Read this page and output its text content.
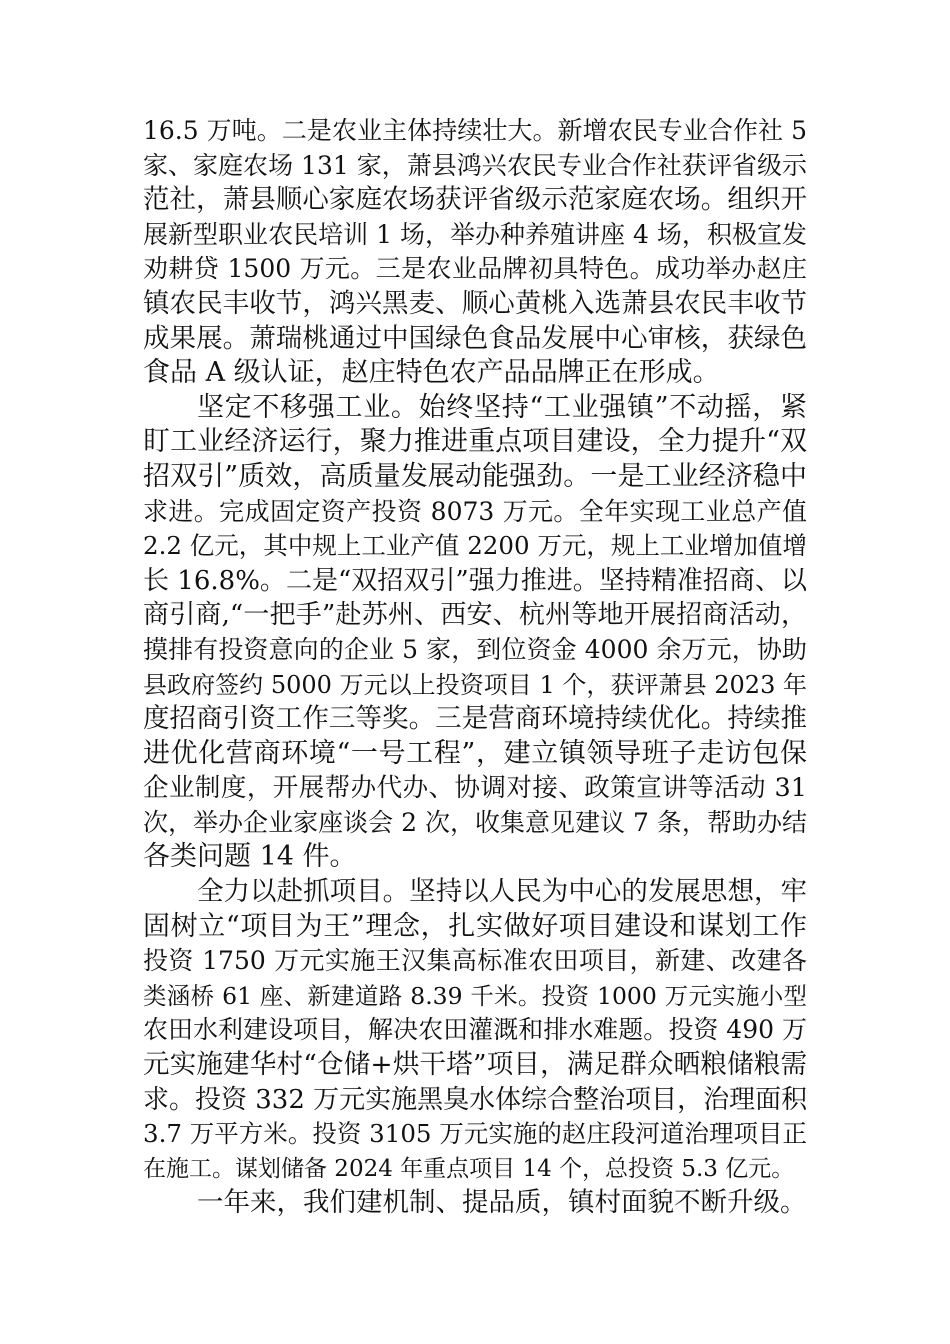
16.5 万吨。二是农业主体持续壮大。新增农民专业合作社 5
家、家庭农场 131 家，萧县鸿兴农民专业合作社获评省级示
范社，萧县顺心家庭农场获评省级示范家庭农场。组织开
展新型职业农民培训 1 场，举办种养殖讲座 4 场，积极宣发
劝耕贷 1500 万元。三是农业品牌初具特色。成功举办赵庄
镇农民丰收节，鸿兴黑麦、顺心黄桃入选萧县农民丰收节
成果展。萧瑞桃通过中国绿色食品发展中心审核，获绿色
食品 A 级认证，赵庄特色农产品品牌正在形成。
坚定不移强工业。始终坚持“工业强镇”不动摇，紧
盯工业经济运行，聚力推进重点项目建设，全力提升“双
招双引”质效，高质量发展动能强劲。一是工业经济稳中
求进。完成固定资产投资 8073 万元。全年实现工业总产值
2.2 亿元，其中规上工业产值 2200 万元，规上工业增加值增
长 16.8%。二是“双招双引”强力推进。坚持精准招商、以
商引商,“一把手”赴苏州、西安、杭州等地开展招商活动，
摸排有投资意向的企业 5 家，到位资金 4000 余万元，协助
县政府签约 5000 万元以上投资项目 1 个，获评萧县 2023 年
度招商引资工作三等奖。三是营商环境持续优化。持续推
进优化营商环境“一号工程”，建立镇领导班子走访包保
企业制度，开展帮办代办、协调对接、政策宣讲等活动 31
次，举办企业家座谈会 2 次，收集意见建议 7 条，帮助办结
各类问题 14 件。
全力以赴抓项目。坚持以人民为中心的发展思想，牢
固树立“项目为王”理念，扎实做好项目建设和谋划工作
投资 1750 万元实施王汉集高标准农田项目，新建、改建各
类涵桥 61 座、新建道路 8.39 千米。投资 1000 万元实施小型
农田水利建设项目，解决农田灌溉和排水难题。投资 490 万
元实施建华村“仓储+烘干塔”项目，满足群众晒粮储粮需
求。投资 332 万元实施黑臭水体综合整治项目，治理面积
3.7 万平方米。投资 3105 万元实施的赵庄段河道治理项目正
在施工。谋划储备 2024 年重点项目 14 个，总投资 5.3 亿元。
一年来，我们建机制、提品质，镇村面貌不断升级。
